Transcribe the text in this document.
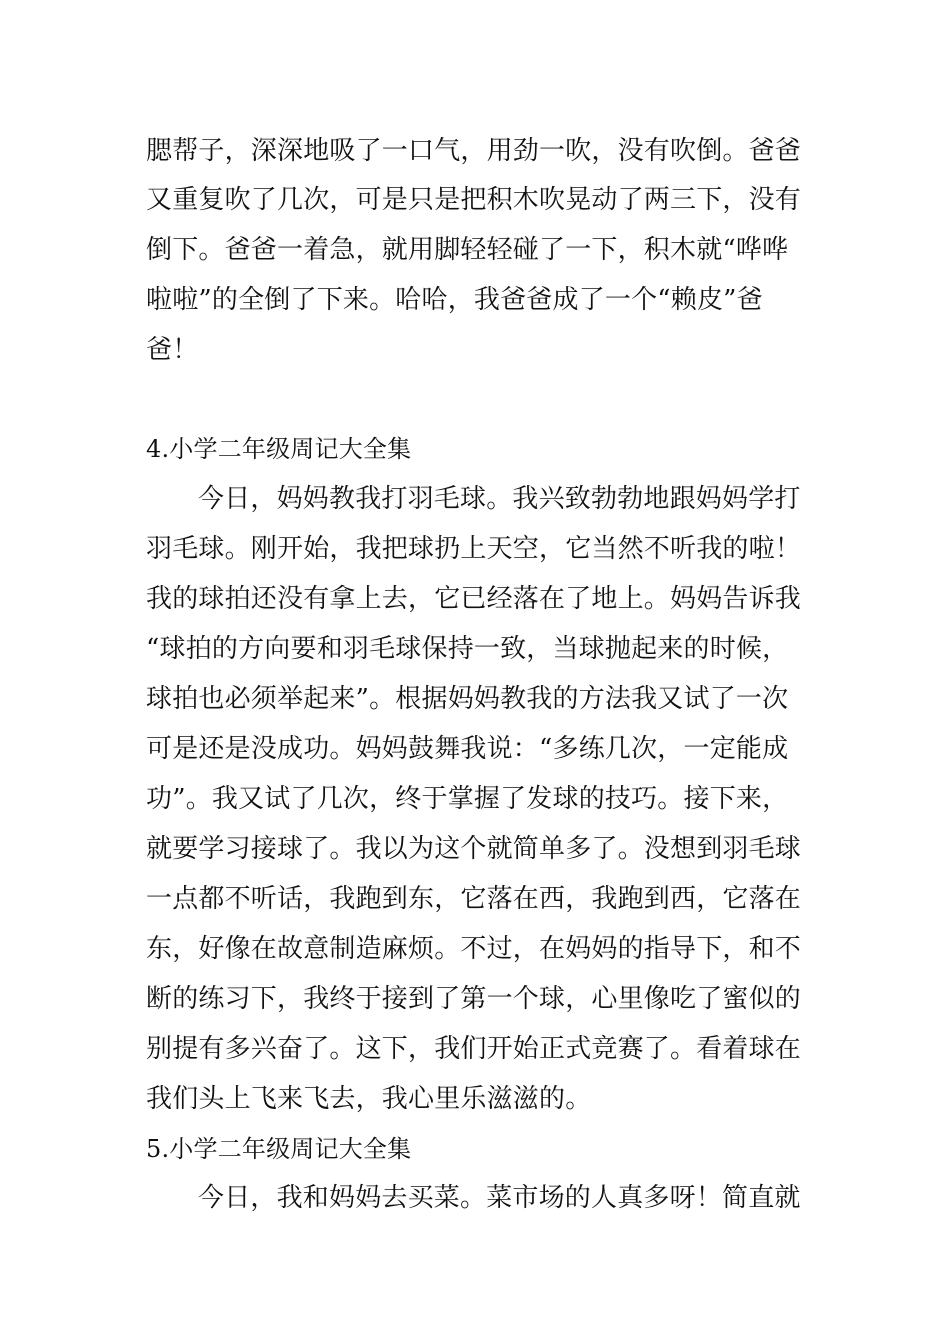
腮帮子，深深地吸了一口气，用劲一吹，没有吹倒。爸爸
又重复吹了几次，可是只是把积木吹晃动了两三下，没有
倒下。爸爸一着急，就用脚轻轻碰了一下，积木就“哗哗
啦啦”的全倒了下来。哈哈，我爸爸成了一个“赖皮”爸
爸！
4.小学二年级周记大全集
今日，妈妈教我打羽毛球。我兴致勃勃地跟妈妈学打
羽毛球。刚开始，我把球扔上天空，它当然不听我的啦！
我的球拍还没有拿上去，它已经落在了地上。妈妈告诉我
“球拍的方向要和羽毛球保持一致，当球抛起来的时候，
球拍也必须举起来”。根据妈妈教我的方法我又试了一次
可是还是没成功。妈妈鼓舞我说：“多练几次，一定能成
功”。我又试了几次，终于掌握了发球的技巧。接下来，
就要学习接球了。我以为这个就简单多了。没想到羽毛球
一点都不听话，我跑到东，它落在西，我跑到西，它落在
东，好像在故意制造麻烦。不过，在妈妈的指导下，和不
断的练习下，我终于接到了第一个球，心里像吃了蜜似的
别提有多兴奋了。这下，我们开始正式竞赛了。看着球在
我们头上飞来飞去，我心里乐滋滋的。
5.小学二年级周记大全集
今日，我和妈妈去买菜。菜市场的人真多呀！简直就
